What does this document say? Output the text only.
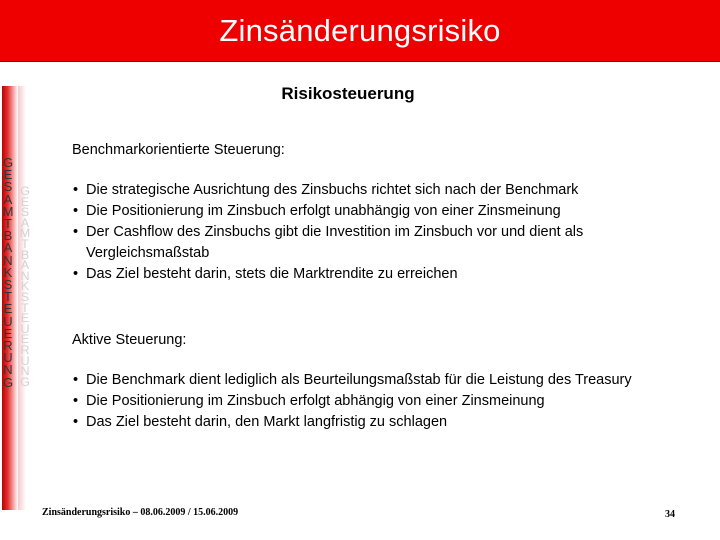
Zinsänderungsrisiko
G
E
S
A
M
T
B
A
N
K
S
T
E
U
E
R
U
N
G
G
E
S
A
M
T
B
A
N
K
S
T
E
U
E
R
U
N
G
Risikosteuerung
Benchmarkorientierte Steuerung:
• Die strategische Ausrichtung des Zinsbuchs richtet sich nach der Benchmark
• Die Positionierung im Zinsbuch erfolgt unabhängig von einer Zinsmeinung
• Der Cashflow des Zinsbuchs gibt die Investition im Zinsbuch vor und dient als Vergleichsmaßstab
• Das Ziel besteht darin, stets die Marktrendite zu erreichen
Aktive Steuerung:
• Die Benchmark dient lediglich als Beurteilungsmaßstab für die Leistung des Treasury
• Die Positionierung im Zinsbuch erfolgt abhängig von einer Zinsmeinung
• Das Ziel besteht darin, den Markt langfristig zu schlagen
Zinsänderungsrisiko – 08.06.2009 / 15.06.2009	34
